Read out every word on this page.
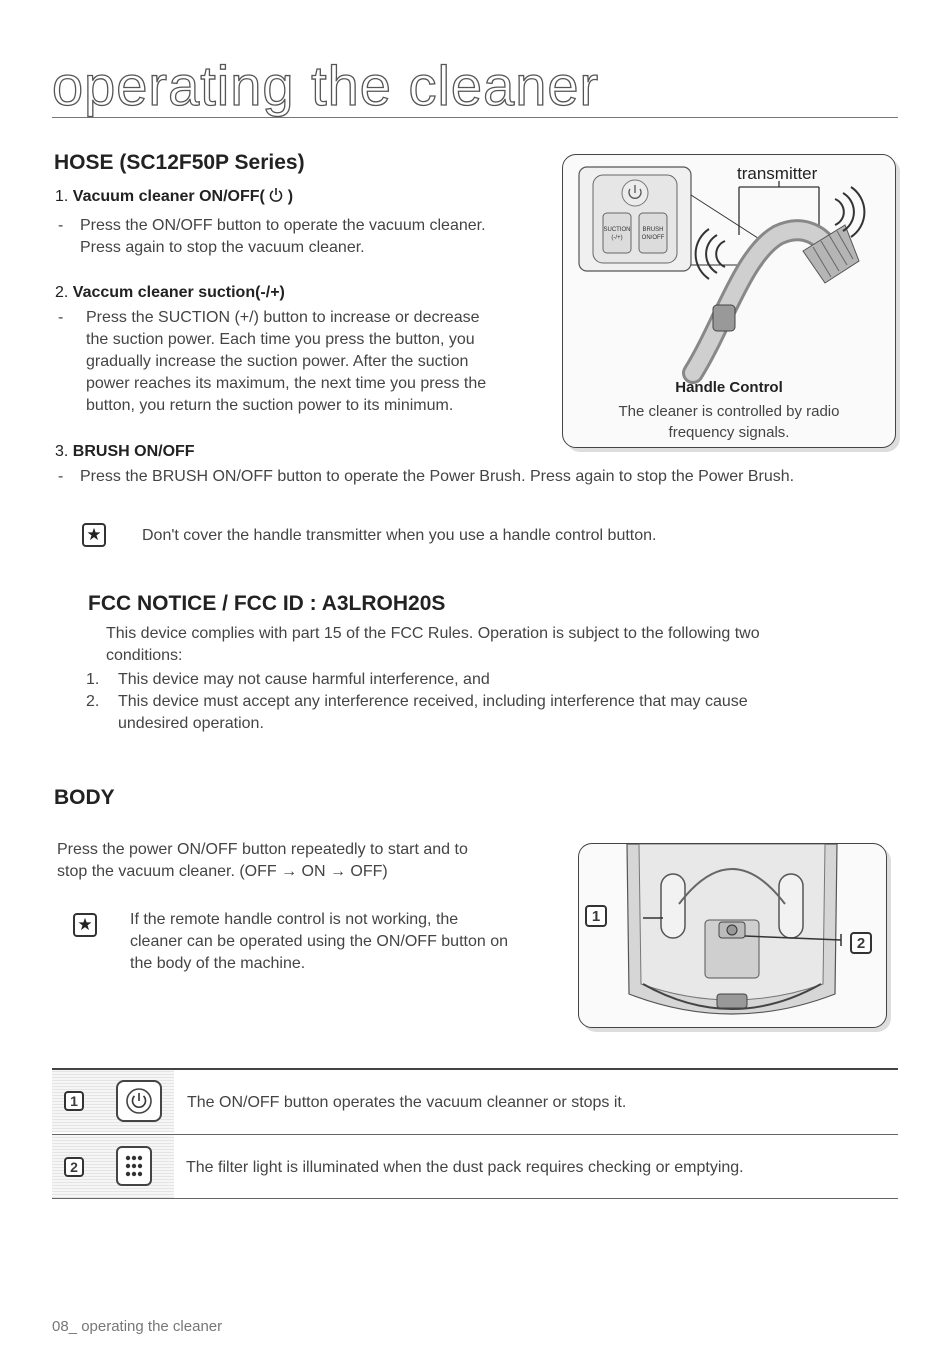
operating the cleaner
HOSE (SC12F50P Series)
1. Vacuum cleaner ON/OFF( )
- Press the ON/OFF button to operate the vacuum cleaner.
Press again to stop the vacuum cleaner.
2. Vaccum cleaner suction(-/+)
- Press the SUCTION (+/) button to increase or decrease
the suction power. Each time you press the button, you
gradually increase the suction power. After the suction
power reaches its maximum, the next time you press the
button, you return the suction power to its minimum.
3. BRUSH ON/OFF
- Press the BRUSH ON/OFF button to operate the Power Brush. Press again to stop the Power Brush.
SUCTION
(-/+)
BRUSH
ON/OFF
transmitter
Handle Control
The cleaner is controlled by radio
frequency signals.
★	Don't cover the handle transmitter when you use a handle control button.
FCC NOTICE / FCC ID : A3LROH20S
This device complies with part 15 of the FCC Rules. Operation is subject to the following two
conditions:
1. This device may not cause harmful interference, and
2. This device must accept any interference received, including interference that may cause
undesired operation.
BODY
Press the power ON/OFF button repeatedly to start and to
stop the vacuum cleaner. (OFF → ON → OFF)
★ If the remote handle control is not working, the
cleaner can be operated using the ON/OFF button on
the body of the machine.
1
2
1	The ON/OFF button operates the vacuum cleanner or stops it.
2	The filter light is illuminated when the dust pack requires checking or emptying.
08_ operating the cleaner
